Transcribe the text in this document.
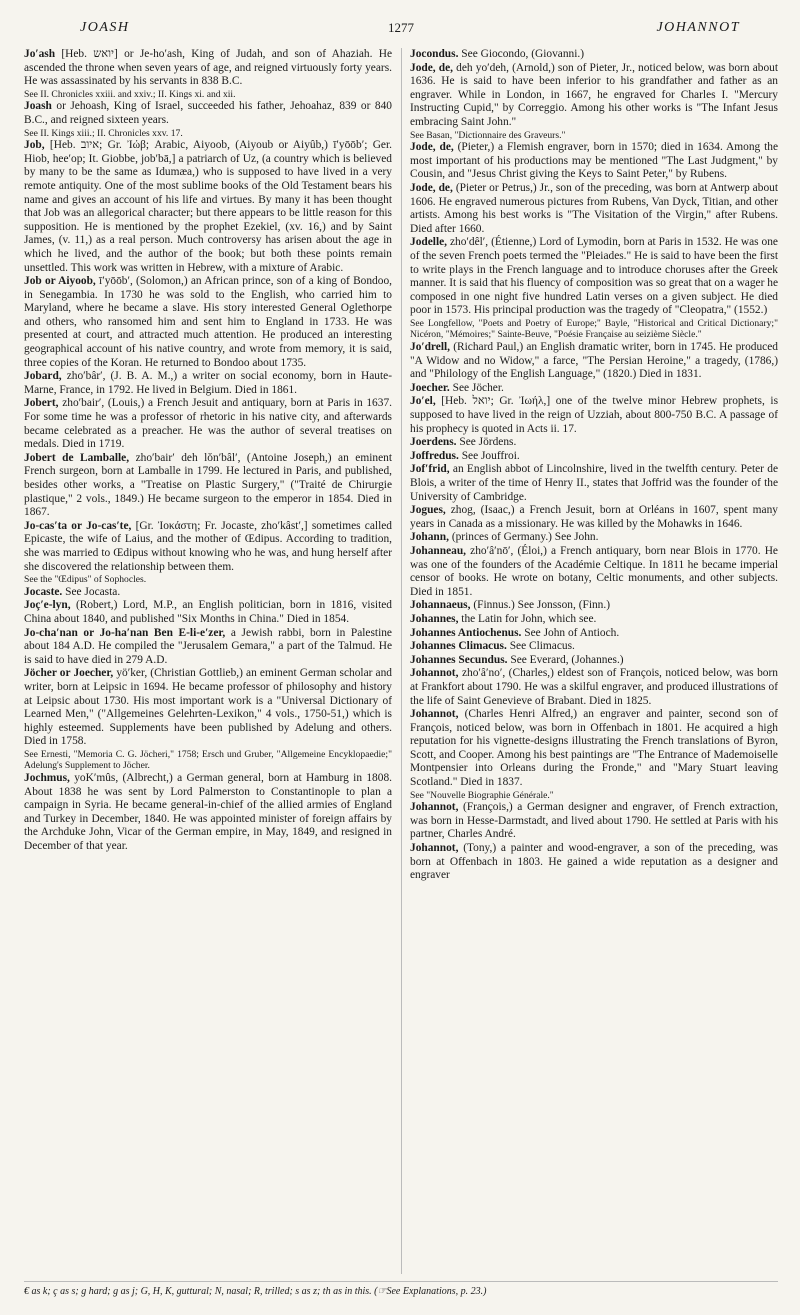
JOASH	1277	JOHANNOT

Jo′ash [Heb. יואש] or Je-ho′ash, King of Judah, and son of Ahaziah. He ascended the throne when seven years of age, and reigned virtuously forty years. He was assassinated by his servants in 838 B.C.

See II. Chronicles xxiii. and xxiv.; II. Kings xi. and xii.

Joash or Jehoash, King of Israel, succeeded his father, Jehoahaz, 839 or 840 B.C., and reigned sixteen years.

See II. Kings xiii.; II. Chronicles xxv. 17.

Job, [Heb. איוב; Gr. Ἰώβ; Arabic, Aiyoob, (Aiyoub or Aiyûb,) ī′yōōb′; Ger. Hiob, hee′op; It. Giobbe, job′bā,] a patriarch of Uz, (a country which is believed by many to be the same as Idumæa,) who is supposed to have lived in a very remote antiquity. One of the most sublime books of the Old Testament bears his name and gives an account of his life and virtues. By many it has been thought that Job was an allegorical character; but there appears to be little reason for this supposition. He is mentioned by the prophet Ezekiel, (xv. 16,) and by Saint James, (v. 11,) as a real person. Much controversy has arisen about the age in which he lived, and the author of the book; but both these points remain unsettled. This work was written in Hebrew, with a mixture of Arabic.

Job or Aiyoob, ī′yōōb′, (Solomon,) an African prince, son of a king of Bondoo, in Senegambia. In 1730 he was sold to the English, who carried him to Maryland, where he became a slave. His story interested General Oglethorpe and others, who ransomed him and sent him to England in 1733. He was presented at court, and attracted much attention. He produced an interesting geographical account of his native country, and wrote from memory, it is said, three copies of the Koran. He returned to Bondoo about 1735.

Jobard, zho′bâr′, (J. B. A. M.,) a writer on social economy, born in Haute-Marne, France, in 1792. He lived in Belgium. Died in 1861.

Jobert, zho′bair′, (Louis,) a French Jesuit and antiquary, born at Paris in 1637. For some time he was a professor of rhetoric in his native city, and afterwards became celebrated as a preacher. He was the author of several treatises on medals. Died in 1719.

Jobert de Lamballe, zho′bair′ deh lŏn′bâl′, (Antoine Joseph,) an eminent French surgeon, born at Lamballe in 1799. He lectured in Paris, and published, besides other works, a "Treatise on Plastic Surgery," ("Traité de Chirurgie plastique," 2 vols., 1849.) He became surgeon to the emperor in 1854. Died in 1867.

Jo-cas′ta or Jo-cas′te, [Gr. Ἰοκάστη; Fr. Jocaste, zho′kâst′,] sometimes called Epicaste, the wife of Laius, and the mother of Œdipus. According to tradition, she was married to Œdipus without knowing who he was, and hung herself after she discovered the relationship between them.

See the "Œdipus" of Sophocles.

Jocaste. See Jocasta.

Joç′e-lyn, (Robert,) Lord, M.P., an English politician, born in 1816, visited China about 1840, and published "Six Months in China." Died in 1854.

Jo-cha′nan or Jo-ha′nan Ben E-li-e′zer, a Jewish rabbi, born in Palestine about 184 A.D. He compiled the "Jerusalem Gemara," a part of the Talmud. He is said to have died in 279 A.D.

Jöcher or Joecher, yö′ker, (Christian Gottlieb,) an eminent German scholar and writer, born at Leipsic in 1694. He became professor of philosophy and history at Leipsic about 1730. His most important work is a "Universal Dictionary of Learned Men," ("Allgemeines Gelehrten-Lexikon," 4 vols., 1750-51,) which is highly esteemed. Supplements have been published by Adelung and others. Died in 1758.

See Ernesti, "Memoria C. G. Jöcheri," 1758; Ersch und Gruber, "Allgemeine Encyklopaedie;" Adelung's Supplement to Jöcher.

Jochmus, yoK′mûs, (Albrecht,) a German general, born at Hamburg in 1808. About 1838 he was sent by Lord Palmerston to Constantinople to plan a campaign in Syria. He became general-in-chief of the allied armies of England and Turkey in December, 1840. He was appointed minister of foreign affairs by the Archduke John, Vicar of the German empire, in May, 1849, and resigned in December of that year.

Jocondus. See Giocondo, (Giovanni.)

Jode, de, deh yo′deh, (Arnold,) son of Pieter, Jr., noticed below, was born about 1636. He is said to have been inferior to his grandfather and father as an engraver. While in London, in 1667, he engraved for Charles I. "Mercury Instructing Cupid," by Correggio. Among his other works is "The Infant Jesus embracing Saint John."

See Basan, "Dictionnaire des Graveurs."

Jode, de, (Pieter,) a Flemish engraver, born in 1570; died in 1634. Among the most important of his productions may be mentioned "The Last Judgment," by Cousin, and "Jesus Christ giving the Keys to Saint Peter," by Rubens.

Jode, de, (Pieter or Petrus,) Jr., son of the preceding, was born at Antwerp about 1606. He engraved numerous pictures from Rubens, Van Dyck, Titian, and other artists. Among his best works is "The Visitation of the Virgin," after Rubens. Died after 1660.

Jodelle, zho′dêl′, (Étienne,) Lord of Lymodin, born at Paris in 1532. He was one of the seven French poets termed the "Pleiades." He is said to have been the first to write plays in the French language and to introduce choruses after the Greek manner. It is said that his fluency of composition was so great that on a wager he composed in one night five hundred Latin verses on a given subject. He died poor in 1573. His principal production was the tragedy of "Cleopatra," (1552.)

See Longfellow, "Poets and Poetry of Europe;" Bayle, "Historical and Critical Dictionary;" Nicéron, "Mémoires;" Sainte-Beuve, "Poésie Française au seizième Siècle."

Jo′drell, (Richard Paul,) an English dramatic writer, born in 1745. He produced "A Widow and no Widow," a farce, "The Persian Heroine," a tragedy, (1786,) and "Philology of the English Language," (1820.) Died in 1831.

Joecher. See Jöcher.

Jo′el, [Heb. יואל; Gr. Ἰωήλ,] one of the twelve minor Hebrew prophets, is supposed to have lived in the reign of Uzziah, about 800-750 B.C. A passage of his prophecy is quoted in Acts ii. 17.

Joerdens. See Jördens.

Joffredus. See Jouffroi.

Jof′frid, an English abbot of Lincolnshire, lived in the twelfth century. Peter de Blois, a writer of the time of Henry II., states that Joffrid was the founder of the University of Cambridge.

Jogues, zhog, (Isaac,) a French Jesuit, born at Orléans in 1607, spent many years in Canada as a missionary. He was killed by the Mohawks in 1646.

Johann, (princes of Germany.) See John.

Johanneau, zho′â′nō′, (Éloi,) a French antiquary, born near Blois in 1770. He was one of the founders of the Académie Celtique. In 1811 he became imperial censor of books. He wrote on botany, Celtic monuments, and other subjects. Died in 1851.

Johannaeus, (Finnus.) See Jonsson, (Finn.)

Johannes, the Latin for John, which see.

Johannes Antiochenus. See John of Antioch.

Johannes Climacus. See Climacus.

Johannes Secundus. See Everard, (Johannes.)

Johannot, zho′â′no′, (Charles,) eldest son of François, noticed below, was born at Frankfort about 1790. He was a skilful engraver, and produced illustrations of the life of Saint Genevieve of Brabant. Died in 1825.

Johannot, (Charles Henri Alfred,) an engraver and painter, second son of François, noticed below, was born in Offenbach in 1801. He acquired a high reputation for his vignette-designs illustrating the French translations of Byron, Scott, and Cooper. Among his best paintings are "The Entrance of Mademoiselle Montpensier into Orleans during the Fronde," and "Mary Stuart leaving Scotland." Died in 1837.

See "Nouvelle Biographie Générale."

Johannot, (François,) a German designer and engraver, of French extraction, was born in Hesse-Darmstadt, and lived about 1790. He settled at Paris with his partner, Charles André.

Johannot, (Tony,) a painter and wood-engraver, a son of the preceding, was born at Offenbach in 1803. He gained a wide reputation as a designer and engraver

€ as k; ç as s; g hard; g as j; G, H, K, guttural; N, nasal; R, trilled; s as z; th as in this. (☞See Explanations, p. 23.)
